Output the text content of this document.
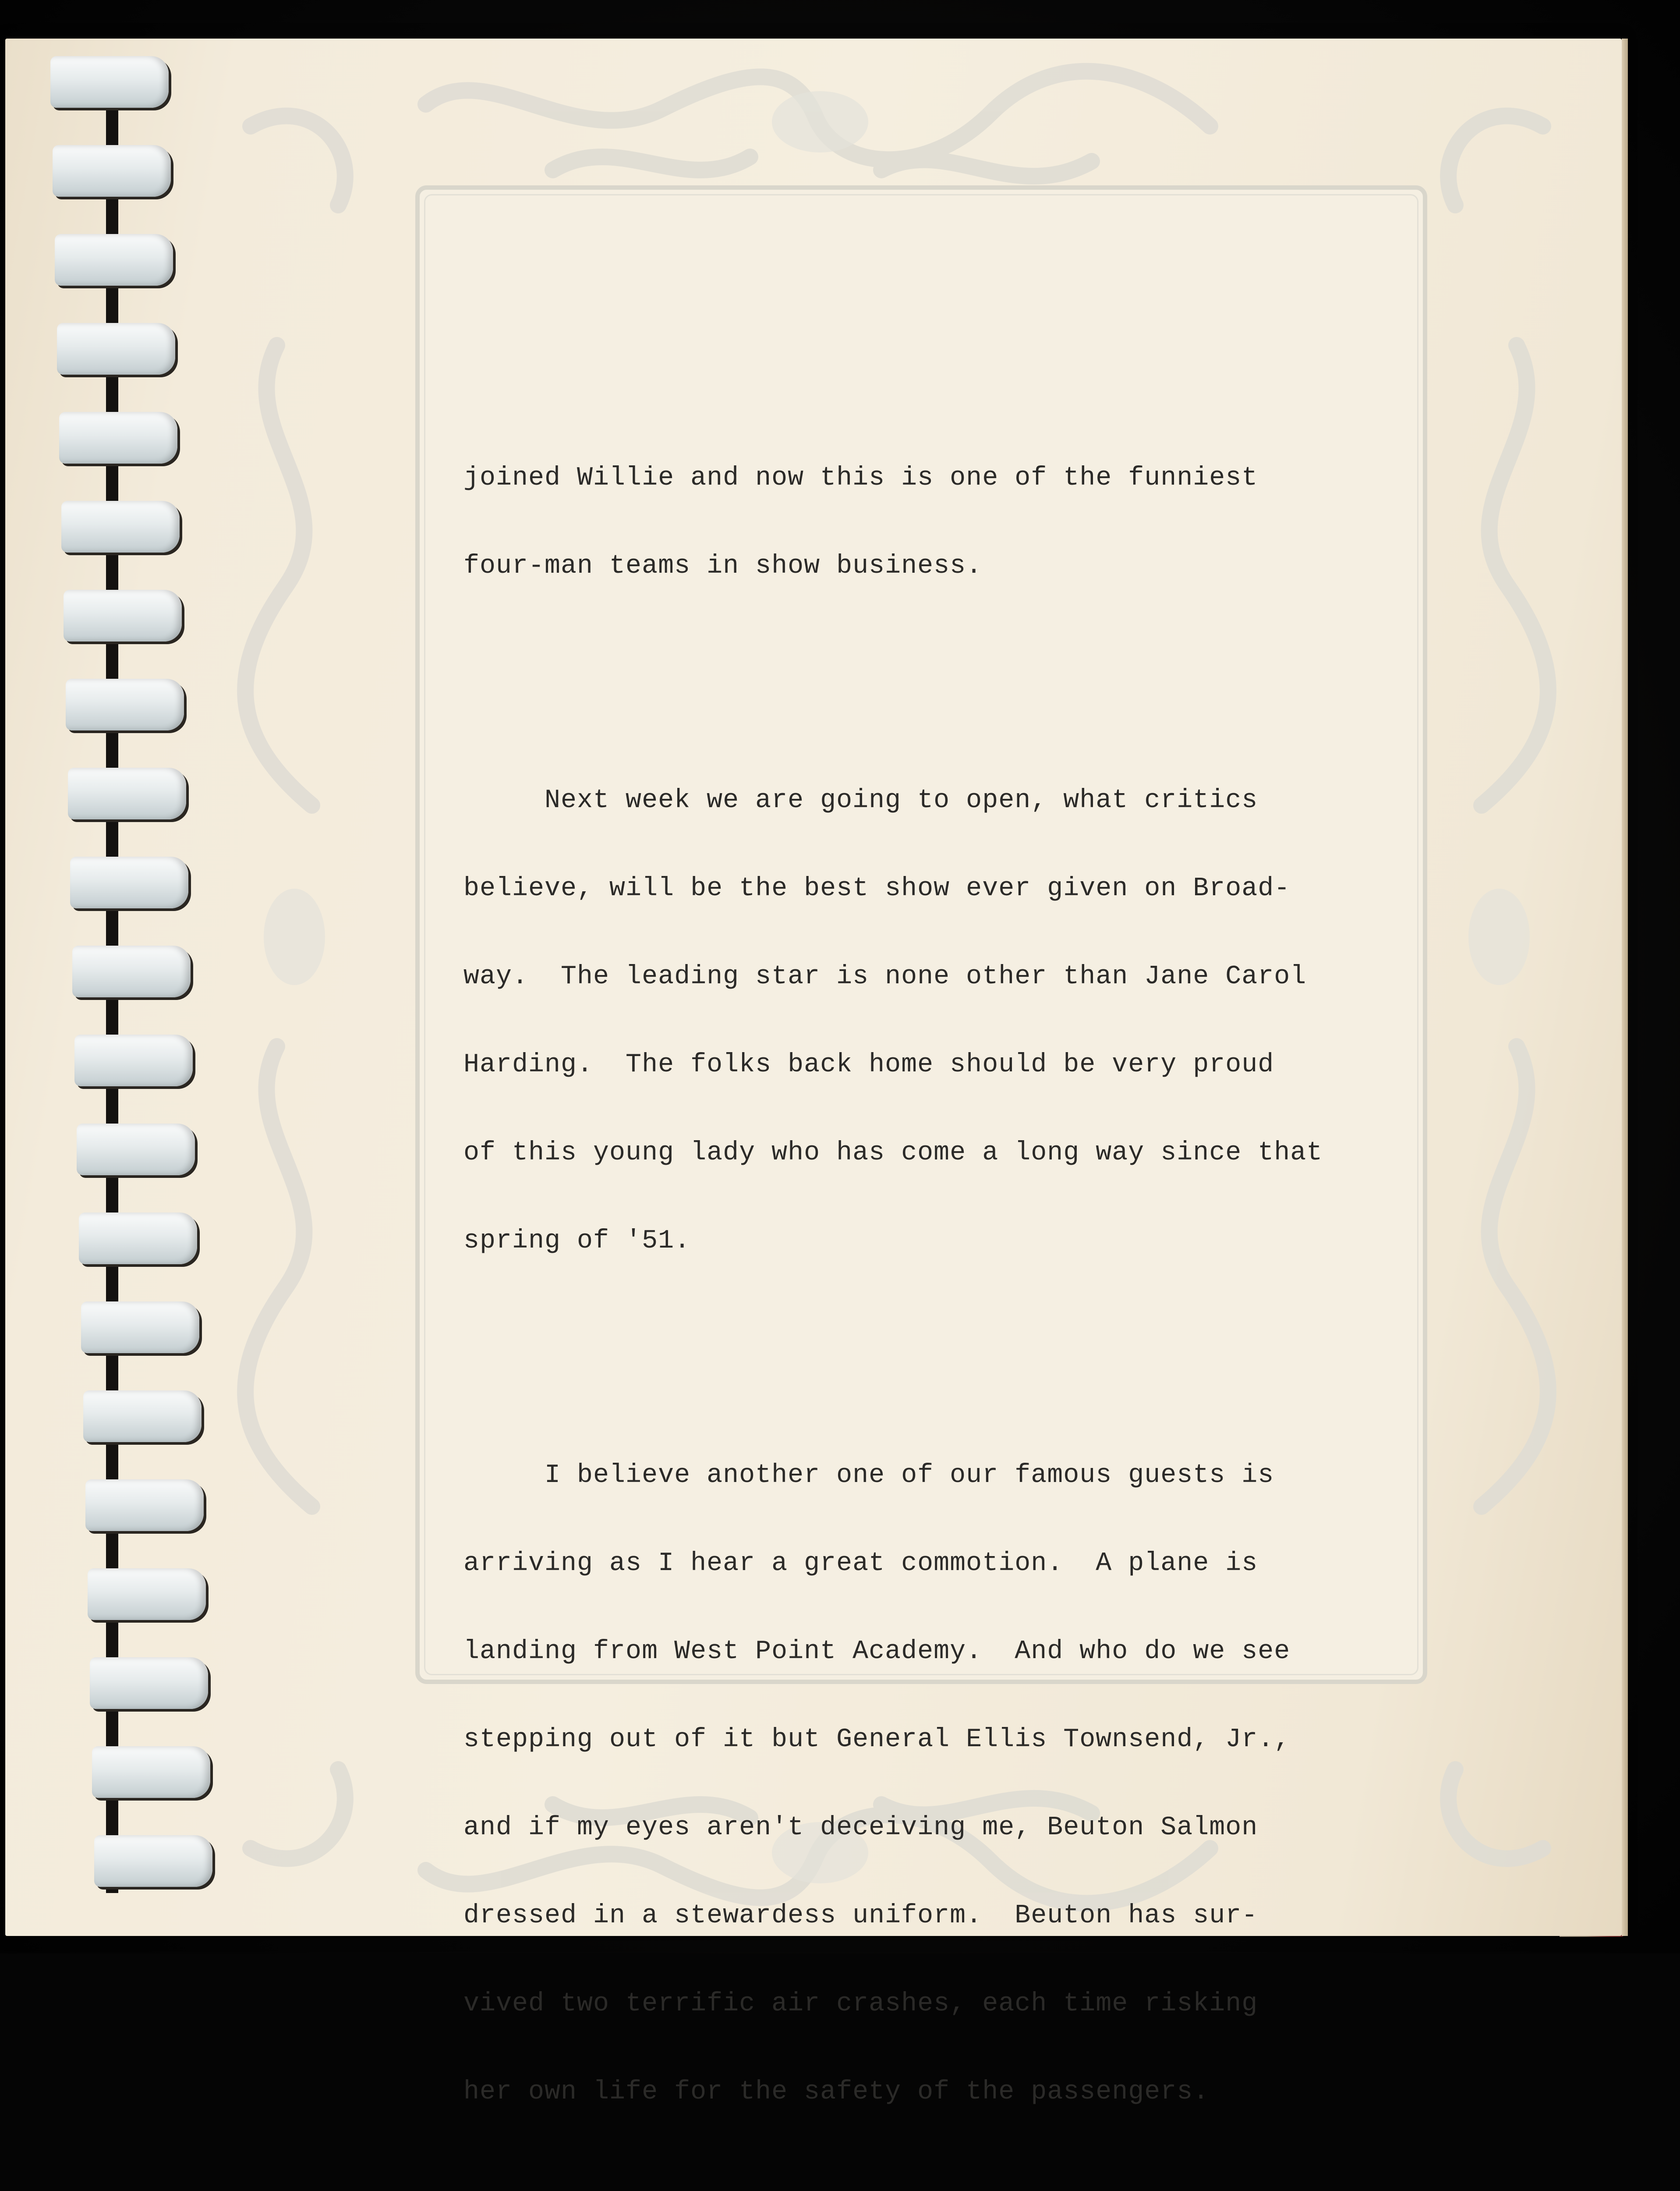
joined Willie and now this is one of the funniest

four-man teams in show business.

Next week we are going to open, what critics

believe, will be the best show ever given on Broad-

way.  The leading star is none other than Jane Carol

Harding.  The folks back home should be very proud

of this young lady who has come a long way since that

spring of '51.

I believe another one of our famous guests is

arriving as I hear a great commotion.  A plane is

landing from West Point Academy.  And who do we see

stepping out of it but General Ellis Townsend, Jr.,

and if my eyes aren't deceiving me, Beuton Salmon

dressed in a stewardess uniform.  Beuton has sur-

vived two terrific air crashes, each time risking

her own life for the safety of the passengers.
